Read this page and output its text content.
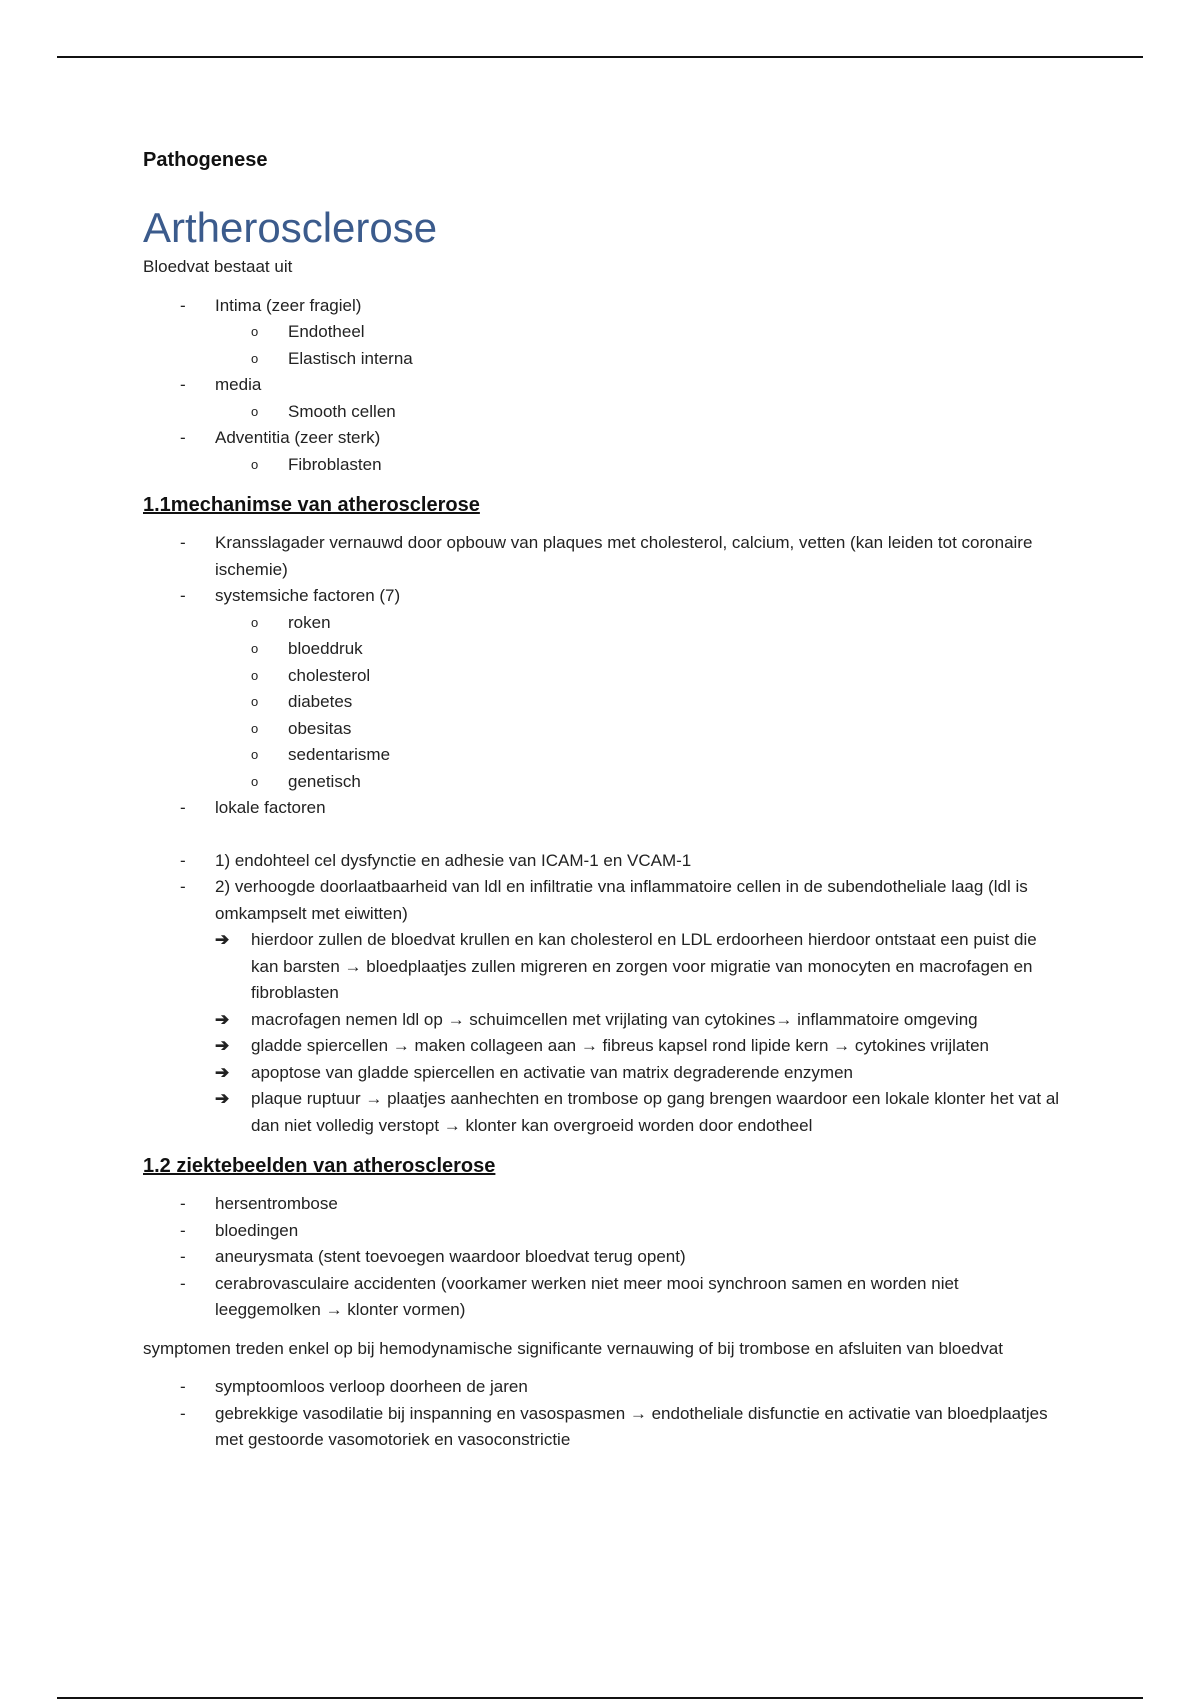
Pathogenese

Artherosclerose

Bloedvat bestaat uit

- Intima (zeer fragiel)
o Endotheel
o Elastisch interna
- media
o Smooth cellen
- Adventitia (zeer sterk)
o Fibroblasten
1.1mechanimse van atherosclerose
- Kransslagader vernauwd door opbouw van plaques met cholesterol, calcium, vetten (kan leiden tot coronaire ischemie)
- systemsiche factoren (7)
o roken
o bloeddruk
o cholesterol
o diabetes
o obesitas
o sedentarisme
o genetisch
- lokale factoren
- 1) endohteel cel dysfynctie en adhesie van ICAM-1 en VCAM-1
- 2) verhoogde doorlaatbaarheid van ldl en infiltratie vna inflammatoire cellen in de subendotheliale laag (ldl is omkampselt met eiwitten)
➔ hierdoor zullen de bloedvat krullen en kan cholesterol en LDL erdoorheen hierdoor ontstaat een puist die kan barsten → bloedplaatjes zullen migreren en zorgen voor migratie van monocyten en macrofagen en fibroblasten
➔ macrofagen nemen ldl op → schuimcellen met vrijlating van cytokines→ inflammatoire omgeving
➔ gladde spiercellen → maken collageen aan → fibreus kapsel rond lipide kern → cytokines vrijlaten
➔ apoptose van gladde spiercellen en activatie van matrix degraderende enzymen
➔ plaque ruptuur → plaatjes aanhechten en trombose op gang brengen waardoor een lokale klonter het vat al dan niet volledig verstopt → klonter kan overgroeid worden door endotheel
1.2 ziektebeelden van atherosclerose
- hersentrombose
- bloedingen
- aneurysmata (stent toevoegen waardoor bloedvat terug opent)
- cerabrovasculaire accidenten (voorkamer werken niet meer mooi synchroon samen en worden niet leeggemolken → klonter vormen)

symptomen treden enkel op bij hemodynamische significante vernauwing of bij trombose en afsluiten van bloedvat

- symptoomloos verloop doorheen de jaren
- gebrekkige vasodilatie bij inspanning en vasospasmen → endotheliale disfunctie en activatie van bloedplaatjes met gestoorde vasomotoriek en vasoconstrictie
